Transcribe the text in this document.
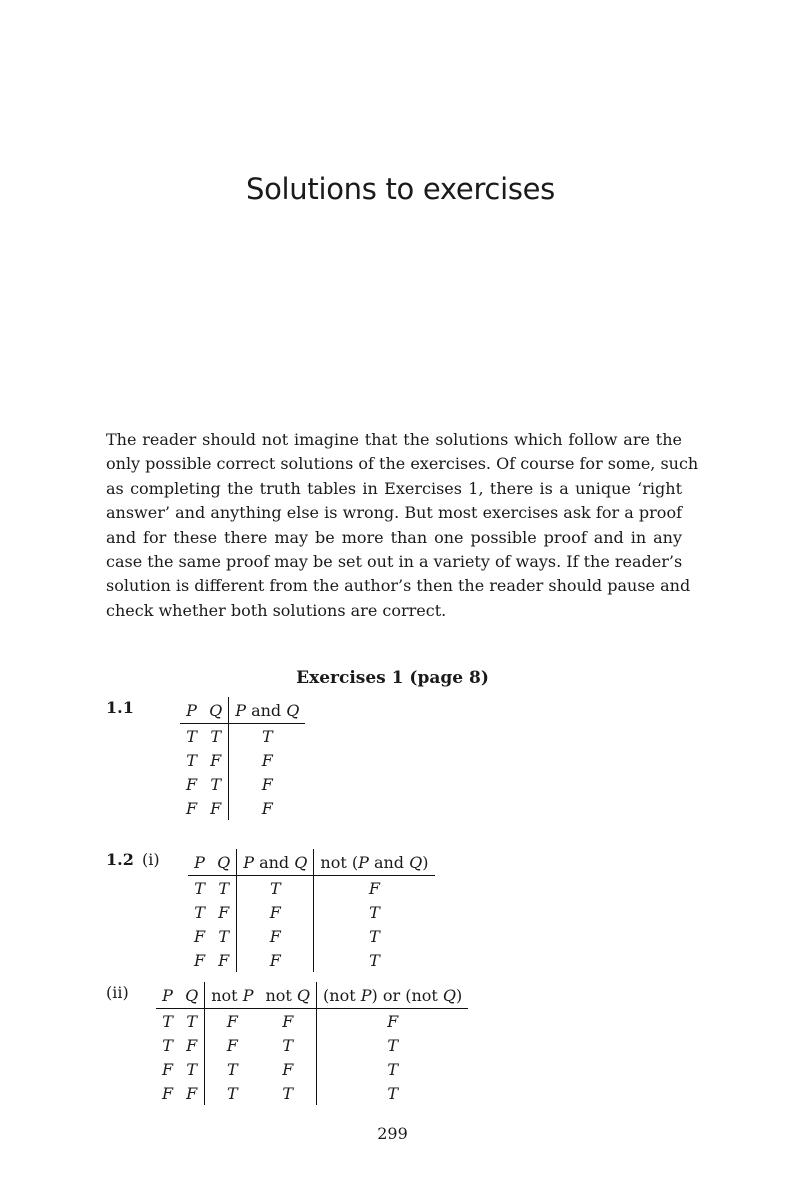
Solutions to exercises
The reader should not imagine that the solutions which follow are the
only possible correct solutions of the exercises. Of course for some, such
as completing the truth tables in Exercises 1, there is a unique ‘right
answer’ and anything else is wrong. But most exercises ask for a proof
and for these there may be more than one possible proof and in any
case the same proof may be set out in a variety of ways. If the reader’s
solution is different from the author’s then the reader should pause and
check whether both solutions are correct.
Exercises 1 (page 8)
1.1	P	Q	P and Q
T	T	T
T	F	F
F	T	F
F	F	F
1.2 (i) P	Q	P and Q	not (P and Q)
T	T	T	F
T	F	F	T
F	T	F	T
F	F	F	T
(ii) P	Q	not P	not Q	(not P) or (not Q)
T	T	F	F	F
T	F	F	T	T
F	T	T	F	T
F	F	T	T	T
299
